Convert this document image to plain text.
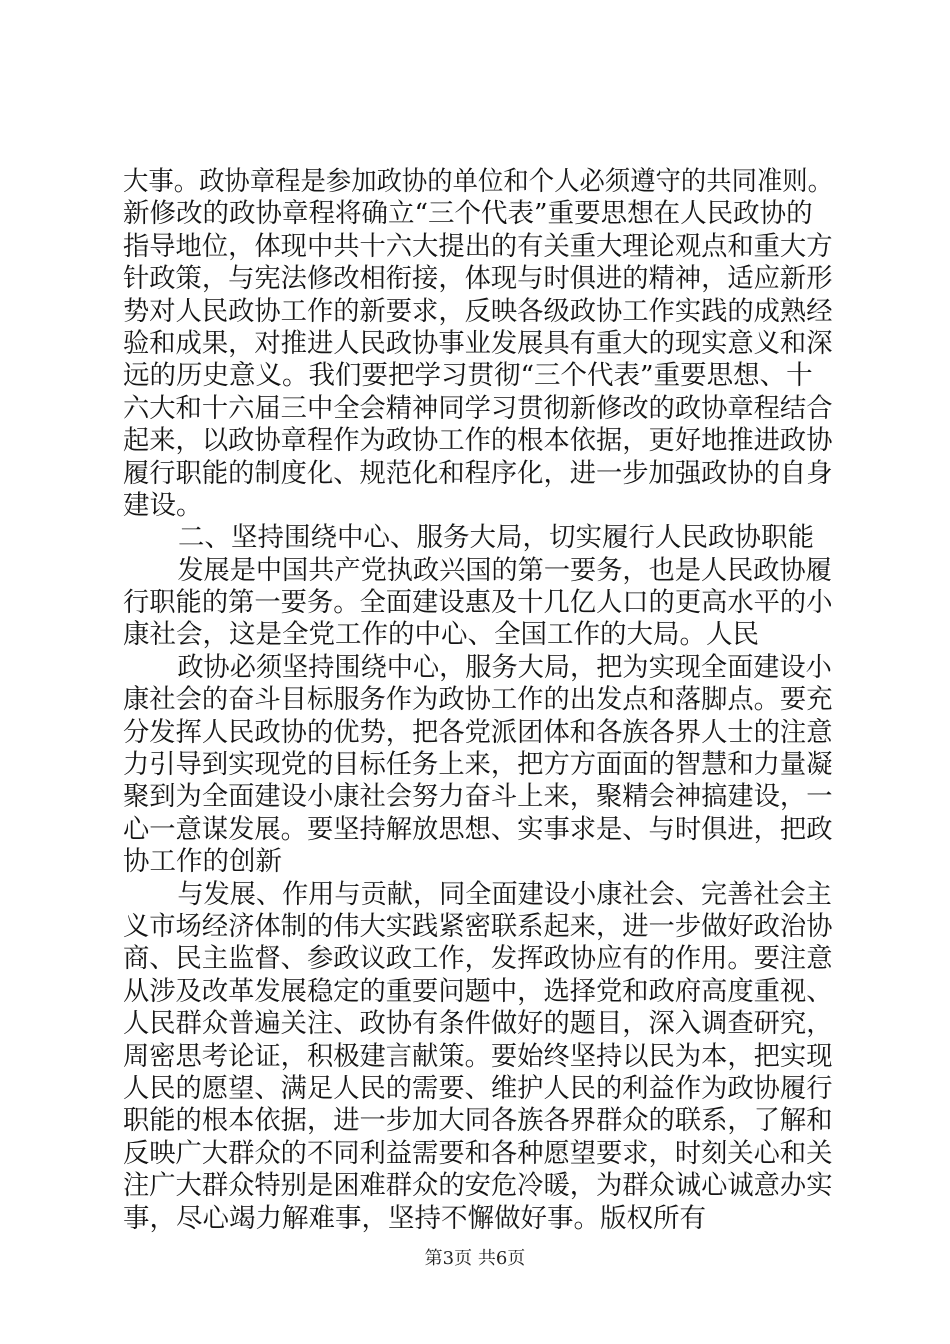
大事。政协章程是参加政协的单位和个人必须遵守的共同准则。
新修改的政协章程将确立“三个代表”重要思想在人民政协的
指导地位，体现中共十六大提出的有关重大理论观点和重大方
针政策，与宪法修改相衔接，体现与时俱进的精神，适应新形
势对人民政协工作的新要求，反映各级政协工作实践的成熟经
验和成果，对推进人民政协事业发展具有重大的现实意义和深
远的历史意义。我们要把学习贯彻“三个代表”重要思想、十
六大和十六届三中全会精神同学习贯彻新修改的政协章程结合
起来，以政协章程作为政协工作的根本依据，更好地推进政协
履行职能的制度化、规范化和程序化，进一步加强政协的自身
建设。
二、坚持围绕中心、服务大局，切实履行人民政协职能
发展是中国共产党执政兴国的第一要务，也是人民政协履
行职能的第一要务。全面建设惠及十几亿人口的更高水平的小
康社会，这是全党工作的中心、全国工作的大局。人民
政协必须坚持围绕中心，服务大局，把为实现全面建设小
康社会的奋斗目标服务作为政协工作的出发点和落脚点。要充
分发挥人民政协的优势，把各党派团体和各族各界人士的注意
力引导到实现党的目标任务上来，把方方面面的智慧和力量凝
聚到为全面建设小康社会努力奋斗上来，聚精会神搞建设，一
心一意谋发展。要坚持解放思想、实事求是、与时俱进，把政
协工作的创新
与发展、作用与贡献，同全面建设小康社会、完善社会主
义市场经济体制的伟大实践紧密联系起来，进一步做好政治协
商、民主监督、参政议政工作，发挥政协应有的作用。要注意
从涉及改革发展稳定的重要问题中，选择党和政府高度重视、
人民群众普遍关注、政协有条件做好的题目，深入调查研究，
周密思考论证，积极建言献策。要始终坚持以民为本，把实现
人民的愿望、满足人民的需要、维护人民的利益作为政协履行
职能的根本依据，进一步加大同各族各界群众的联系，了解和
反映广大群众的不同利益需要和各种愿望要求，时刻关心和关
注广大群众特别是困难群众的安危冷暖，为群众诚心诚意办实
事，尽心竭力解难事，坚持不懈做好事。版权所有
第3页 共6页
